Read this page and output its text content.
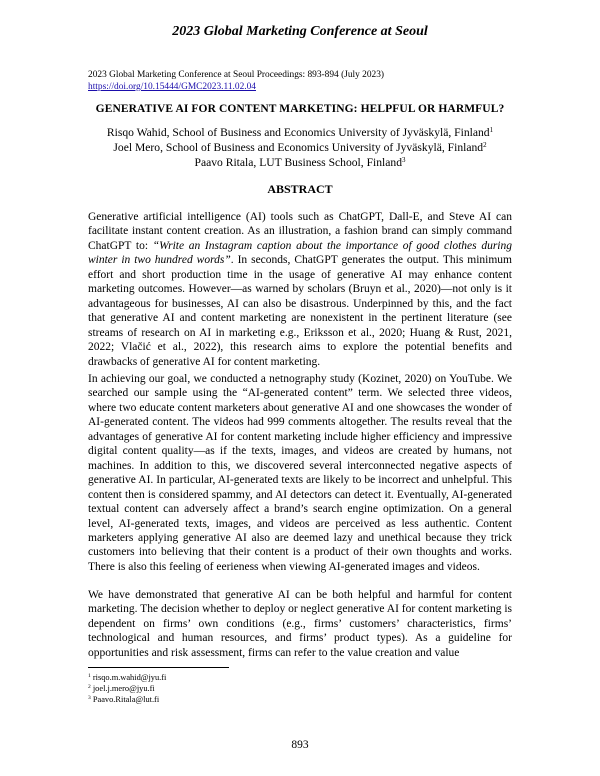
2023 Global Marketing Conference at Seoul
2023 Global Marketing Conference at Seoul Proceedings: 893-894 (July 2023)
https://doi.org/10.15444/GMC2023.11.02.04
GENERATIVE AI FOR CONTENT MARKETING: HELPFUL OR HARMFUL?
Risqo Wahid, School of Business and Economics University of Jyväskylä, Finland$^1$
Joel Mero, School of Business and Economics University of Jyväskylä, Finland$^2$
Paavo Ritala, LUT Business School, Finland$^3$
ABSTRACT

Generative artificial intelligence (AI) tools such as ChatGPT, Dall-E, and Steve AI can facilitate instant content creation. As an illustration, a fashion brand can simply command ChatGPT to: “Write an Instagram caption about the importance of good clothes during winter in two hundred words”. In seconds, ChatGPT generates the output. This minimum effort and short production time in the usage of generative AI may enhance content marketing outcomes. However—as warned by scholars (Bruyn et al., 2020)—not only is it advantageous for businesses, AI can also be disastrous. Underpinned by this, and the fact that generative AI and content marketing are nonexistent in the pertinent literature (see streams of research on AI in marketing e.g., Eriksson et al., 2020; Huang & Rust, 2021, 2022; Vlačić et al., 2022), this research aims to explore the potential benefits and drawbacks of generative AI for content marketing.

In achieving our goal, we conducted a netnography study (Kozinet, 2020) on YouTube. We searched our sample using the “AI-generated content” term. We selected three videos, where two educate content marketers about generative AI and one showcases the wonder of AI-generated content. The videos had 999 comments altogether. The results reveal that the advantages of generative AI for content marketing include higher efficiency and impressive digital content quality—as if the texts, images, and videos are created by humans, not machines. In addition to this, we discovered several interconnected negative aspects of generative AI. In particular, AI-generated texts are likely to be incorrect and unhelpful. This content then is considered spammy, and AI detectors can detect it. Eventually, AI-generated textual content can adversely affect a brand’s search engine optimization. On a general level, AI-generated texts, images, and videos are perceived as less authentic. Content marketers applying generative AI also are deemed lazy and unethical because they trick customers into believing that their content is a product of their own thoughts and works. There is also this feeling of eerieness when viewing AI-generated images and videos.

We have demonstrated that generative AI can be both helpful and harmful for content marketing. The decision whether to deploy or neglect generative AI for content marketing is dependent on firms’ own conditions (e.g., firms’ customers’ characteristics, firms’ technological and human resources, and firms’ product types). As a guideline for opportunities and risk assessment, firms can refer to the value creation and value

$^1$ risqo.m.wahid@jyu.fi
$^2$ joel.j.mero@jyu.fi
$^3$ Paavo.Ritala@lut.fi
893
